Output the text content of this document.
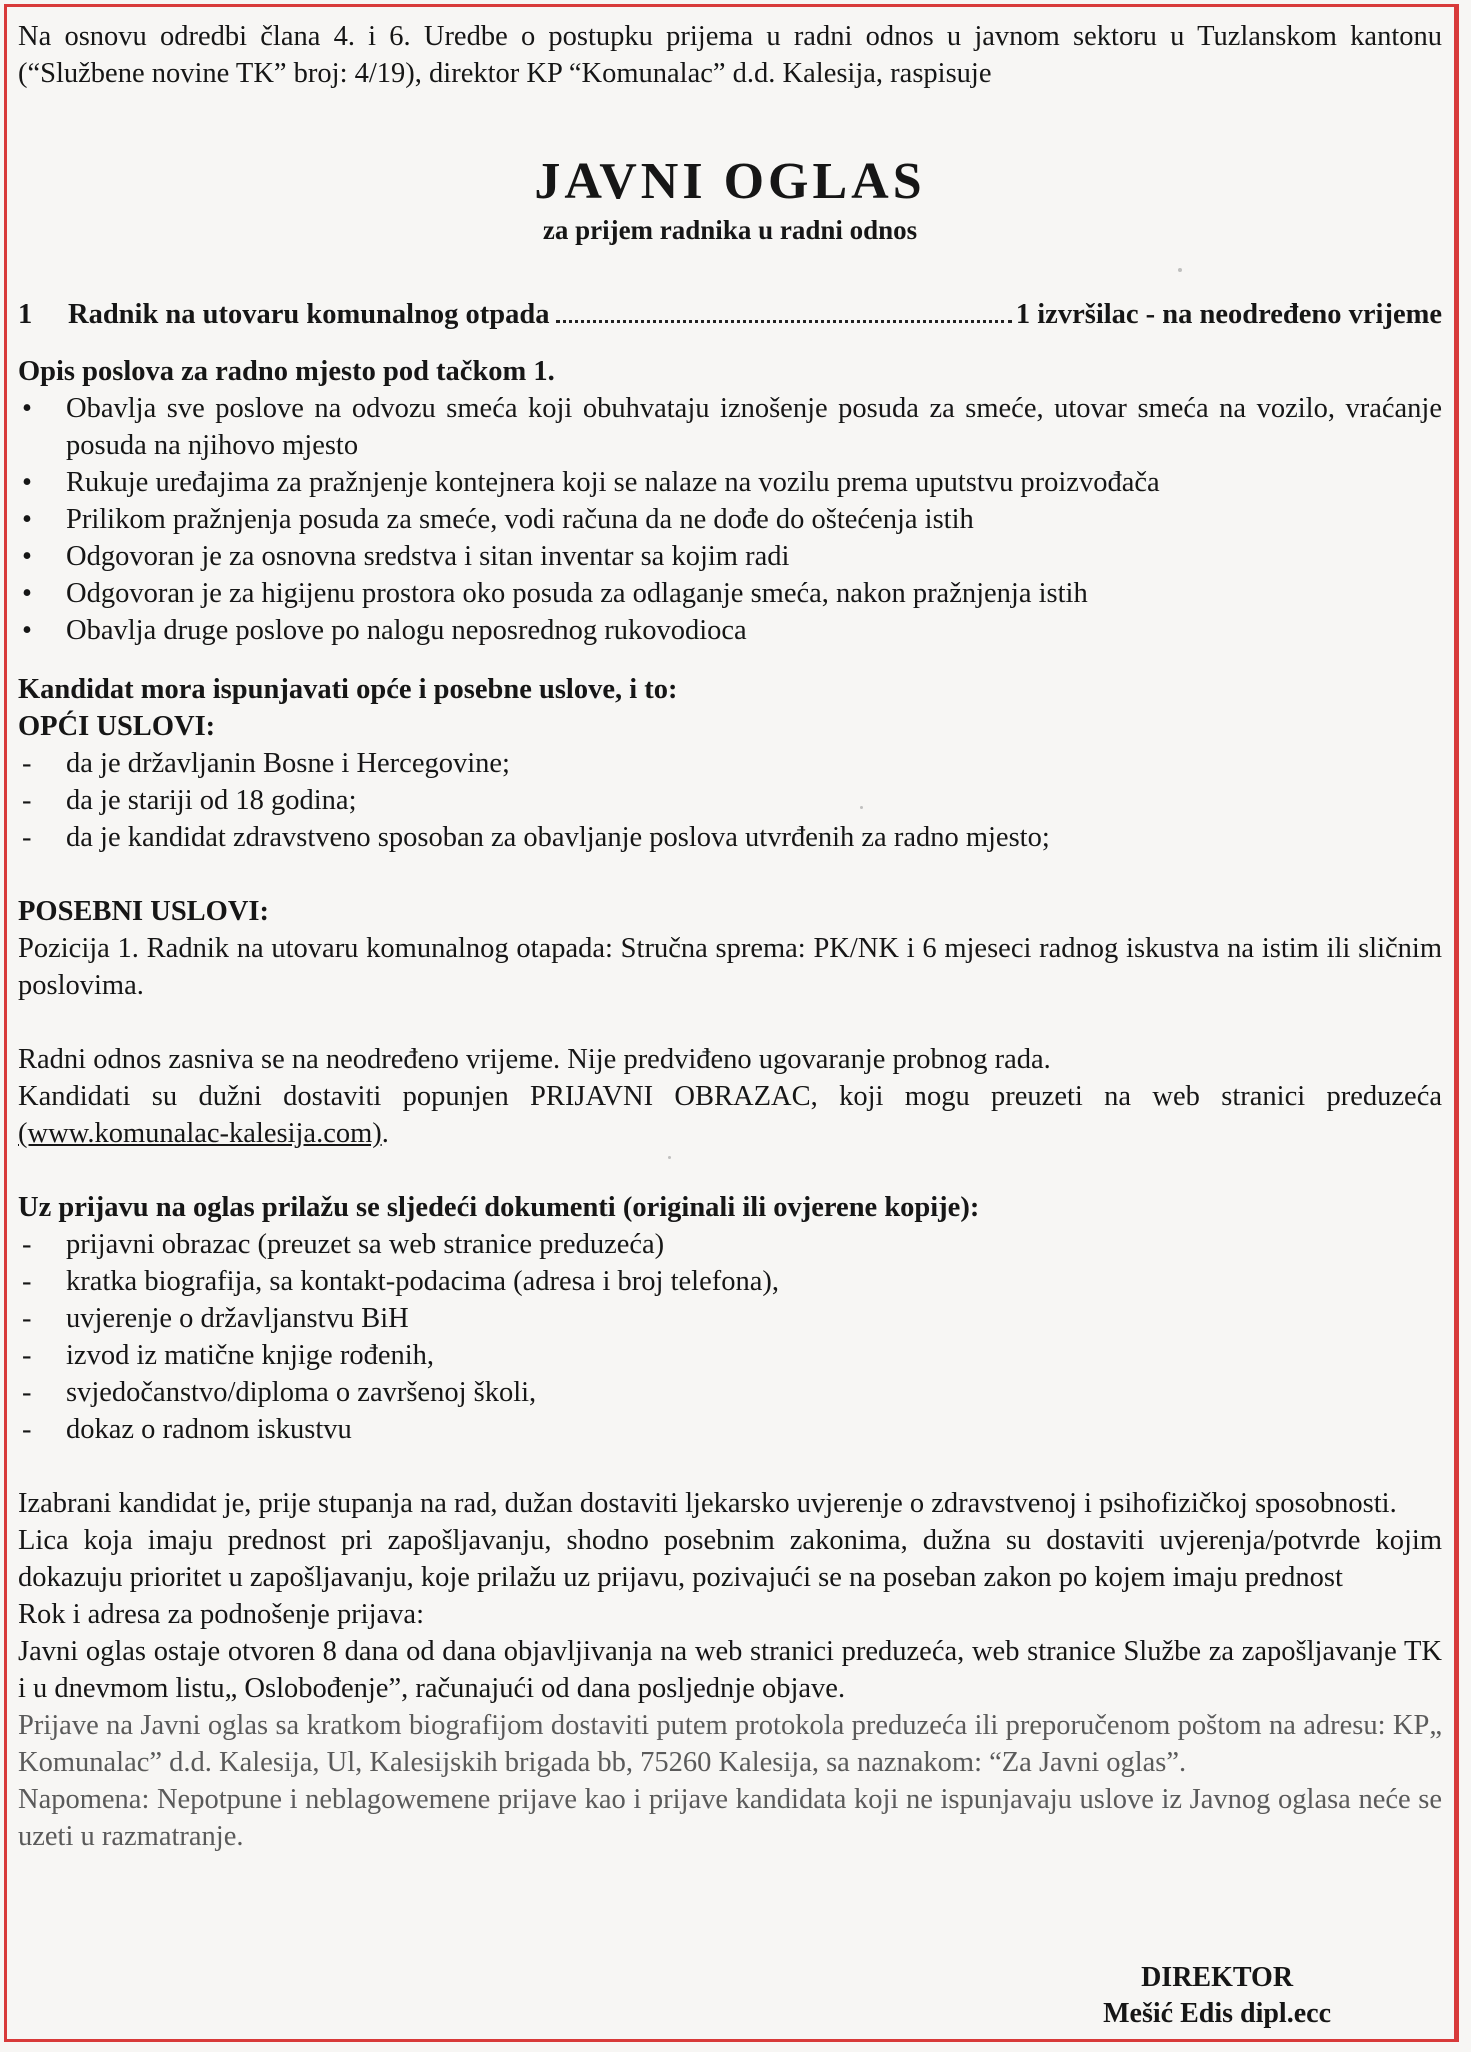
Na osnovu odredbi člana 4. i 6. Uredbe o postupku prijema u radni odnos u javnom sektoru u Tuzlanskom kantonu (“Službene novine TK” broj: 4/19), direktor KP “Komunalac” d.d. Kalesija, raspisuje

JAVNI OGLAS
za prijem radnika u radni odnos
1	Radnik na utovaru komunalnog otpada	1 izvršilac - na neodređeno vrijeme

Opis poslova za radno mjesto pod tačkom 1.

•	Obavlja sve poslove na odvozu smeća koji obuhvataju iznošenje posuda za smeće, utovar smeća na vozilo, vraćanje posuda na njihovo mjesto
•	Rukuje uređajima za pražnjenje kontejnera koji se nalaze na vozilu prema uputstvu proizvođača
•	Prilikom pražnjenja posuda za smeće, vodi računa da ne dođe do oštećenja istih
•	Odgovoran je za osnovna sredstva i sitan inventar sa kojim radi
•	Odgovoran je za higijenu prostora oko posuda za odlaganje smeća, nakon pražnjenja istih
•	Obavlja druge poslove po nalogu neposrednog rukovodioca

Kandidat mora ispunjavati opće i posebne uslove, i to:

OPĆI USLOVI:

-	da je državljanin Bosne i Hercegovine;
-	da je stariji od 18 godina;
-	da je kandidat zdravstveno sposoban za obavljanje poslova utvrđenih za radno mjesto;

POSEBNI USLOVI:

Pozicija 1. Radnik na utovaru komunalnog otapada: Stručna sprema: PK/NK i 6 mjeseci radnog iskustva na istim ili sličnim poslovima.

Radni odnos zasniva se na neodređeno vrijeme. Nije predviđeno ugovaranje probnog rada.

Kandidati su dužni dostaviti popunjen PRIJAVNI OBRAZAC, koji mogu preuzeti na web stranici preduzeća (www.komunalac-kalesija.com).

Uz prijavu na oglas prilažu se sljedeći dokumenti (originali ili ovjerene kopije):

-	prijavni obrazac (preuzet sa web stranice preduzeća)
-	kratka biografija, sa kontakt-podacima (adresa i broj telefona),
-	uvjerenje o državljanstvu BiH
-	izvod iz matične knjige rođenih,
-	svjedočanstvo/diploma o završenoj školi,
-	dokaz o radnom iskustvu

Izabrani kandidat je, prije stupanja na rad, dužan dostaviti ljekarsko uvjerenje o zdravstvenoj i psihofizičkoj sposobnosti.

Lica koja imaju prednost pri zapošljavanju, shodno posebnim zakonima, dužna su dostaviti uvjerenja/potvrde kojim dokazuju prioritet u zapošljavanju, koje prilažu uz prijavu, pozivajući se na poseban zakon po kojem imaju prednost

Rok i adresa za podnošenje prijava:

Javni oglas ostaje otvoren 8 dana od dana objavljivanja na web stranici preduzeća, web stranice Službe za zapošljavanje TK i u dnevmom listu„ Oslobođenje”, računajući od dana posljednje objave.

Prijave na Javni oglas sa kratkom biografijom dostaviti putem protokola preduzeća ili preporučenom poštom na adresu: KP„ Komunalac” d.d. Kalesija, Ul, Kalesijskih brigada bb, 75260 Kalesija, sa naznakom: “Za Javni oglas”.

Napomena: Nepotpune i neblagowemene prijave kao i prijave kandidata koji ne ispunjavaju uslove iz Javnog oglasa neće se uzeti u razmatranje.

DIREKTOR
Mešić Edis dipl.ecc
